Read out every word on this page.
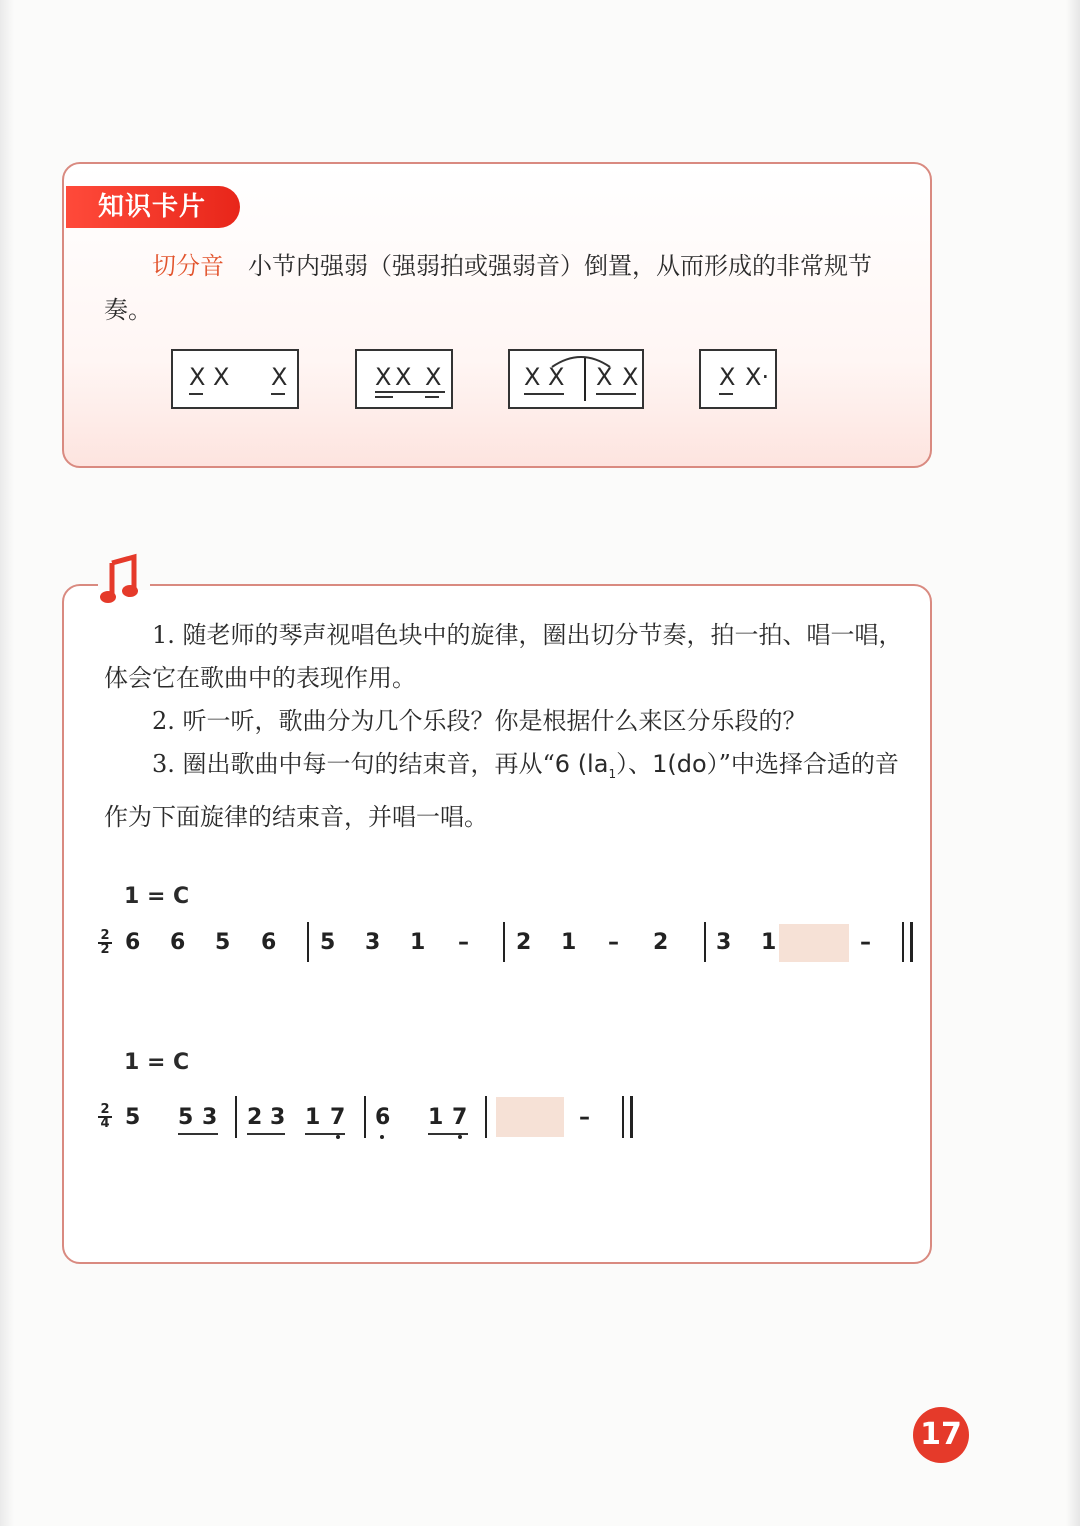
知识卡片
切分音 小节内强弱（强弱拍或强弱音）倒置，从而形成的非常规节奏。
X X X	X X X	X X X X	X X·
1. 随老师的琴声视唱色块中的旋律，圈出切分节奏，拍一拍、唱一唱，体会它在歌曲中的表现作用。
2. 听一听，歌曲分为几个乐段？你是根据什么来区分乐段的？
3. 圈出歌曲中每一句的结束音，再从“6 $(la_1)$、1(do）”中选择合适的音作为下面旋律的结束音，并唱一唱。
1 = C
$\frac{2}{2} 6$ 6 5 6 5 3 1 – 2 1 – 2 3 1	–
1 = C
$\frac{2}{4} 5$ 5 3 2 3 1 7 6 1 7	–
17
